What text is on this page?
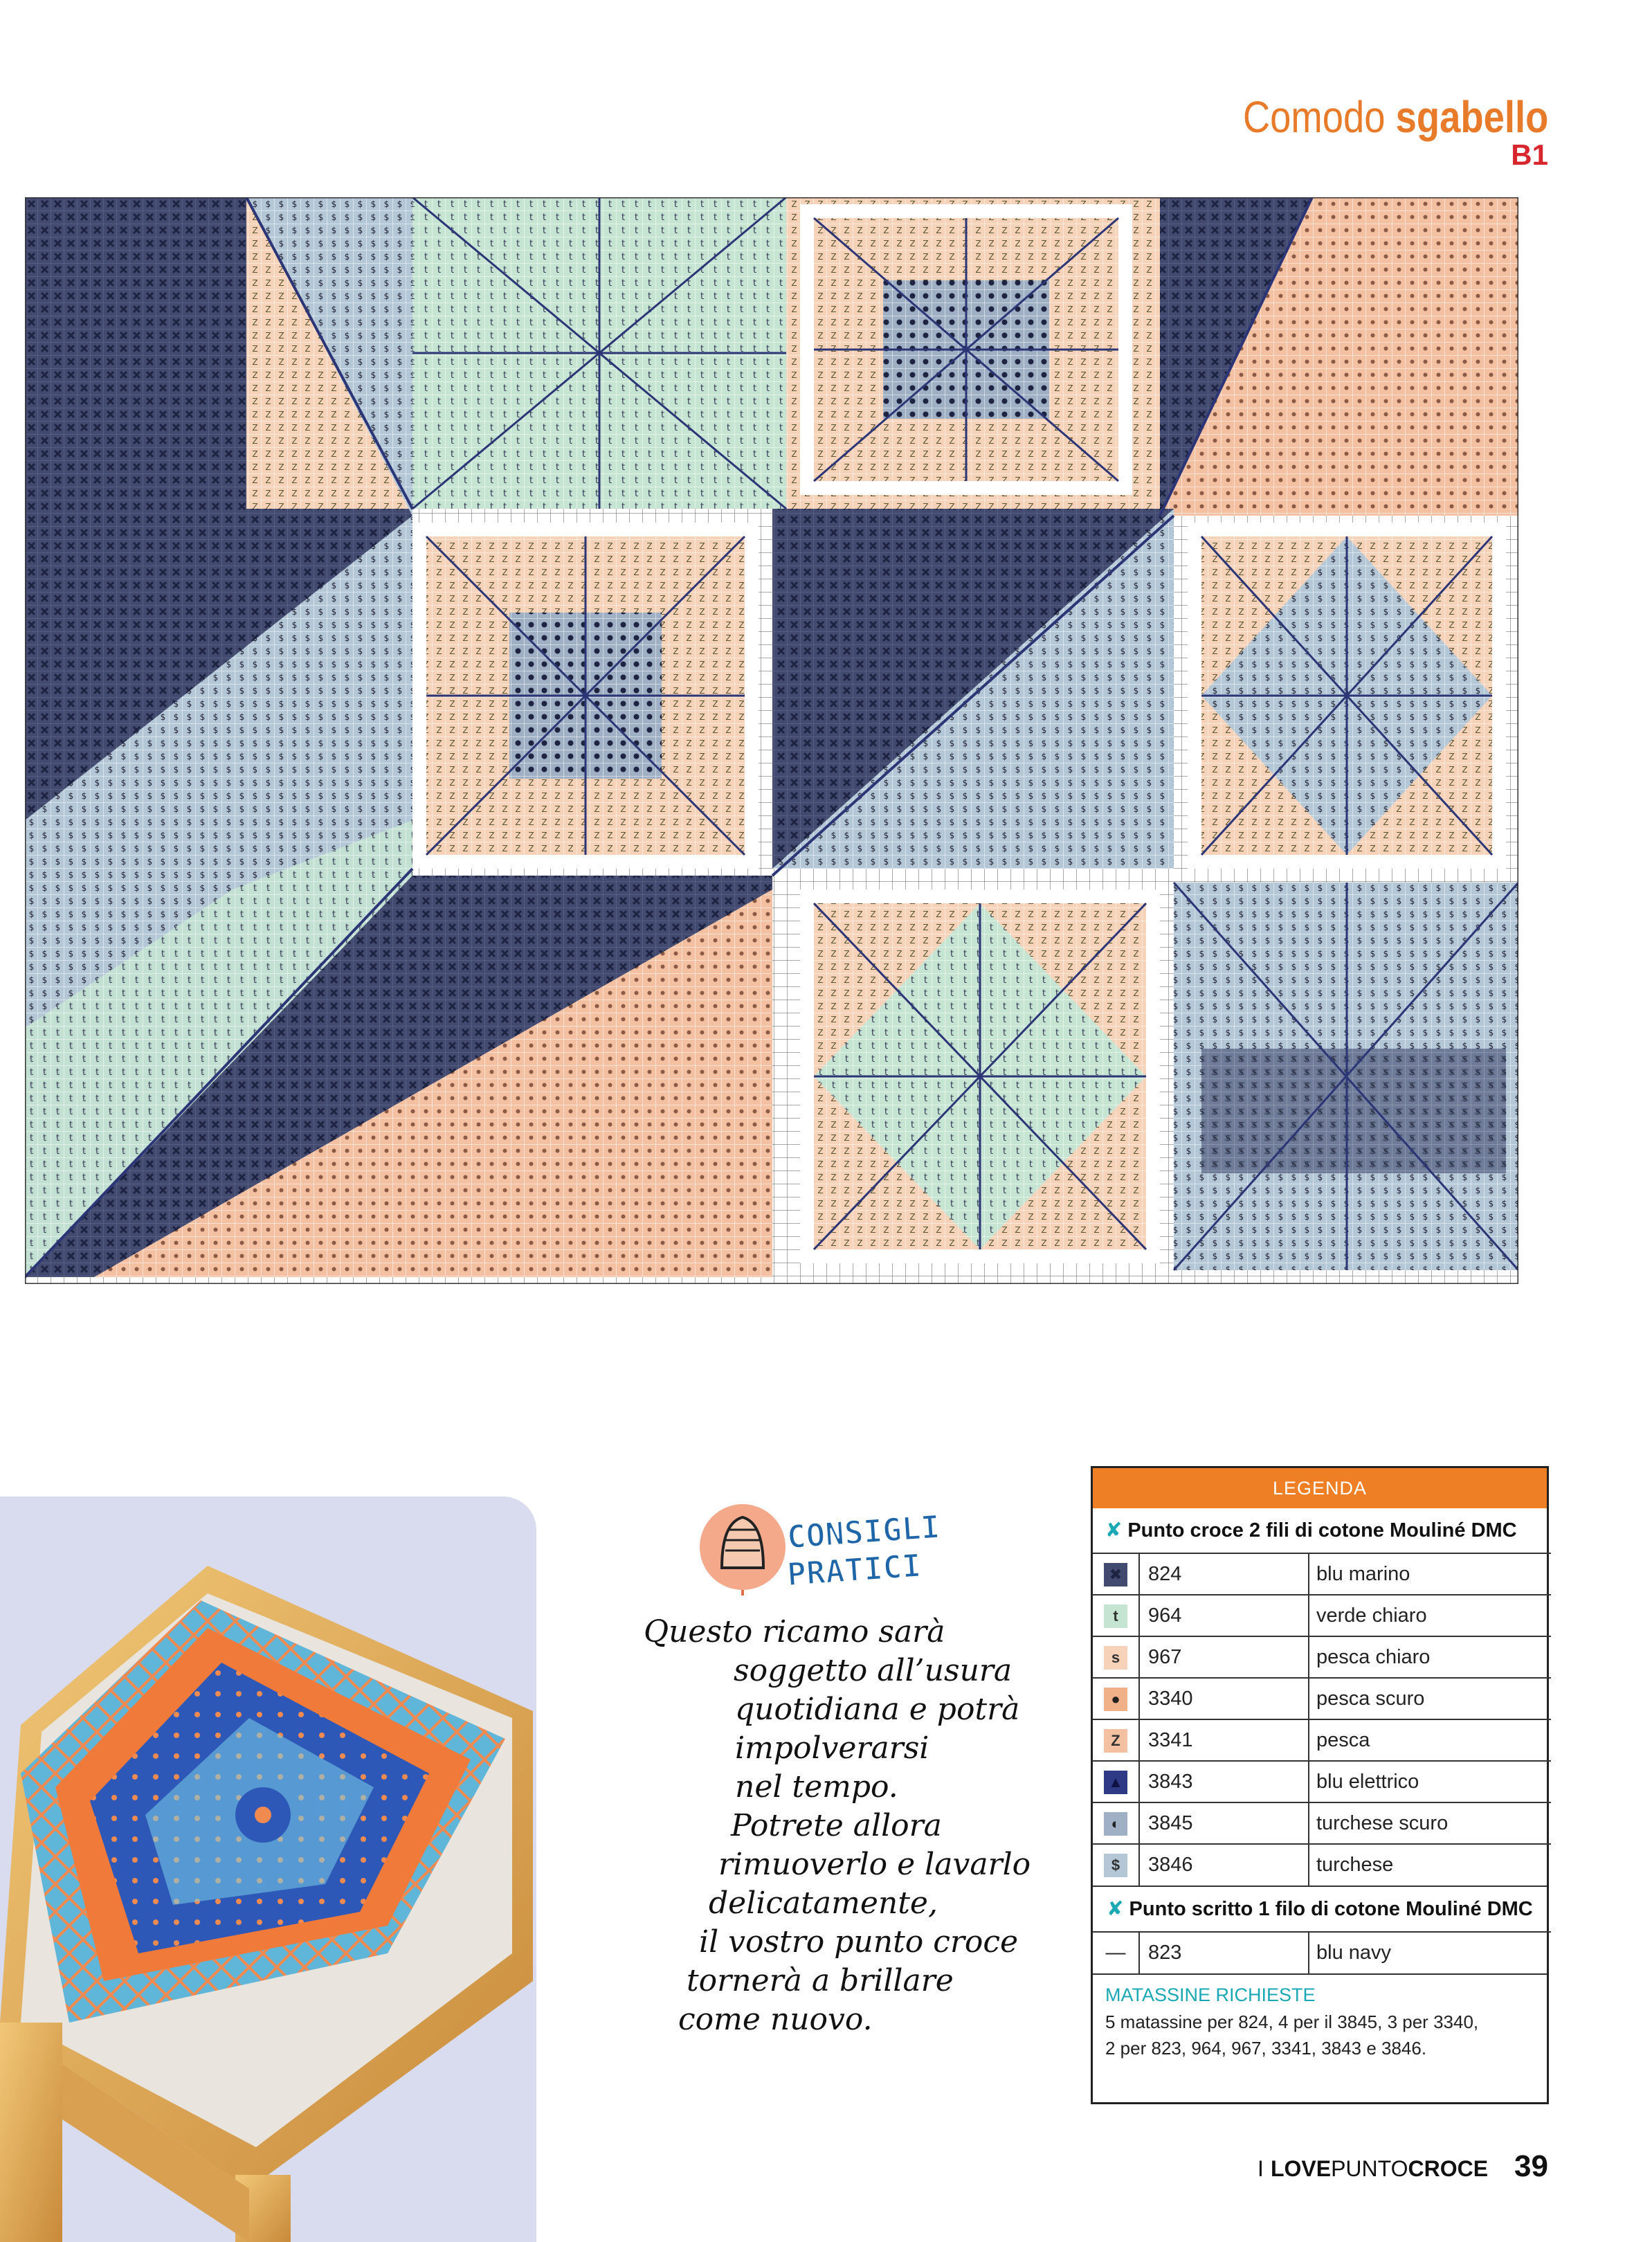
Comodo sgabello
B1
CONSIGLI
PRATICI
Questo ricamo sarà
soggetto all’usura
quotidiana e potrà
impolverarsi
nel tempo.
Potrete allora
rimuoverlo e lavarlo
delicatamente,
il vostro punto croce
tornerà a brillare
come nuovo.
LEGENDA
✘ Punto croce 2 fili di cotone Mouliné DMC
✖	824	blu marino
t	964	verde chiaro
s	967	pesca chiaro
●	3340	pesca scuro
Z	3341	pesca
▲	3843	blu elettrico
◐	3845	turchese scuro
$	3846	turchese
✘ Punto scritto 1 filo di cotone Mouliné DMC
—	823	blu navy
MATASSINE RICHIESTE
5 matassine per 824, 4 per il 3845, 3 per 3340,
2 per 823, 964, 967, 3341, 3843 e 3846.
I LOVE PUNTO CROCE 39
